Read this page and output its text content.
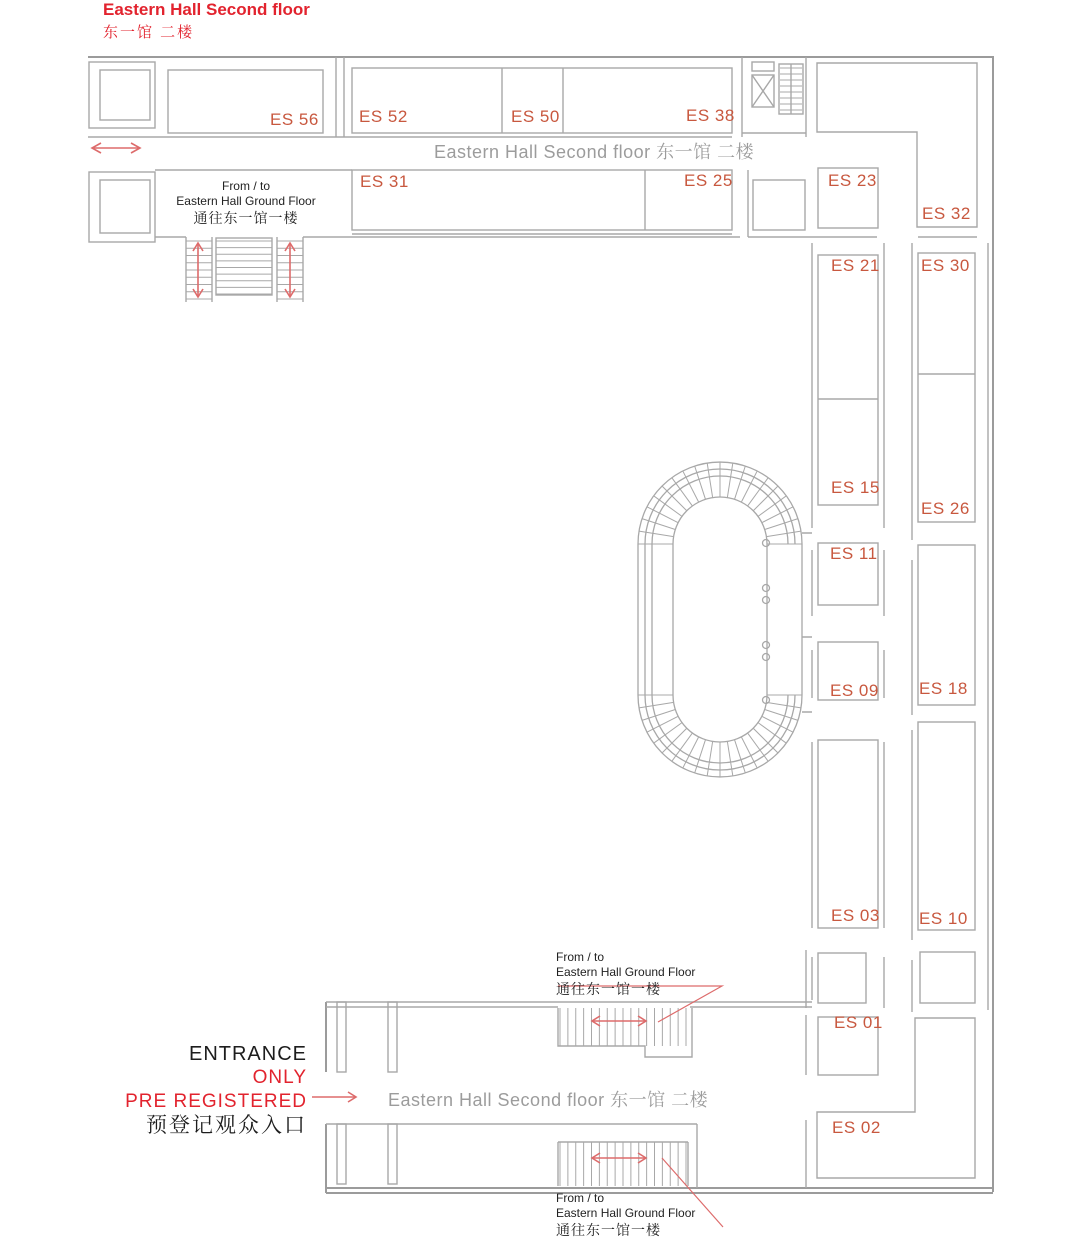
Eastern Hall Second floor
东一馆 二楼
Eastern Hall Second floor 东一馆 二楼
Eastern Hall Second floor 东一馆 二楼
ES 56 ES 52	ES 50	ES 38
ES 31	ES 25	ES 23
ES 32
ES 21 ES 30
ES 15
ES 26
ES 11
ES 18
ES 09
ES 03 ES 10
ES 01
ES 02
From / to
Eastern Hall Ground Floor
通往东一馆一楼
From / to
Eastern Hall Ground Floor
通往东一馆一楼
From / to
Eastern Hall Ground Floor
通往东一馆一楼
ENTRANCE
ONLY
PRE REGISTERED
预登记观众入口
